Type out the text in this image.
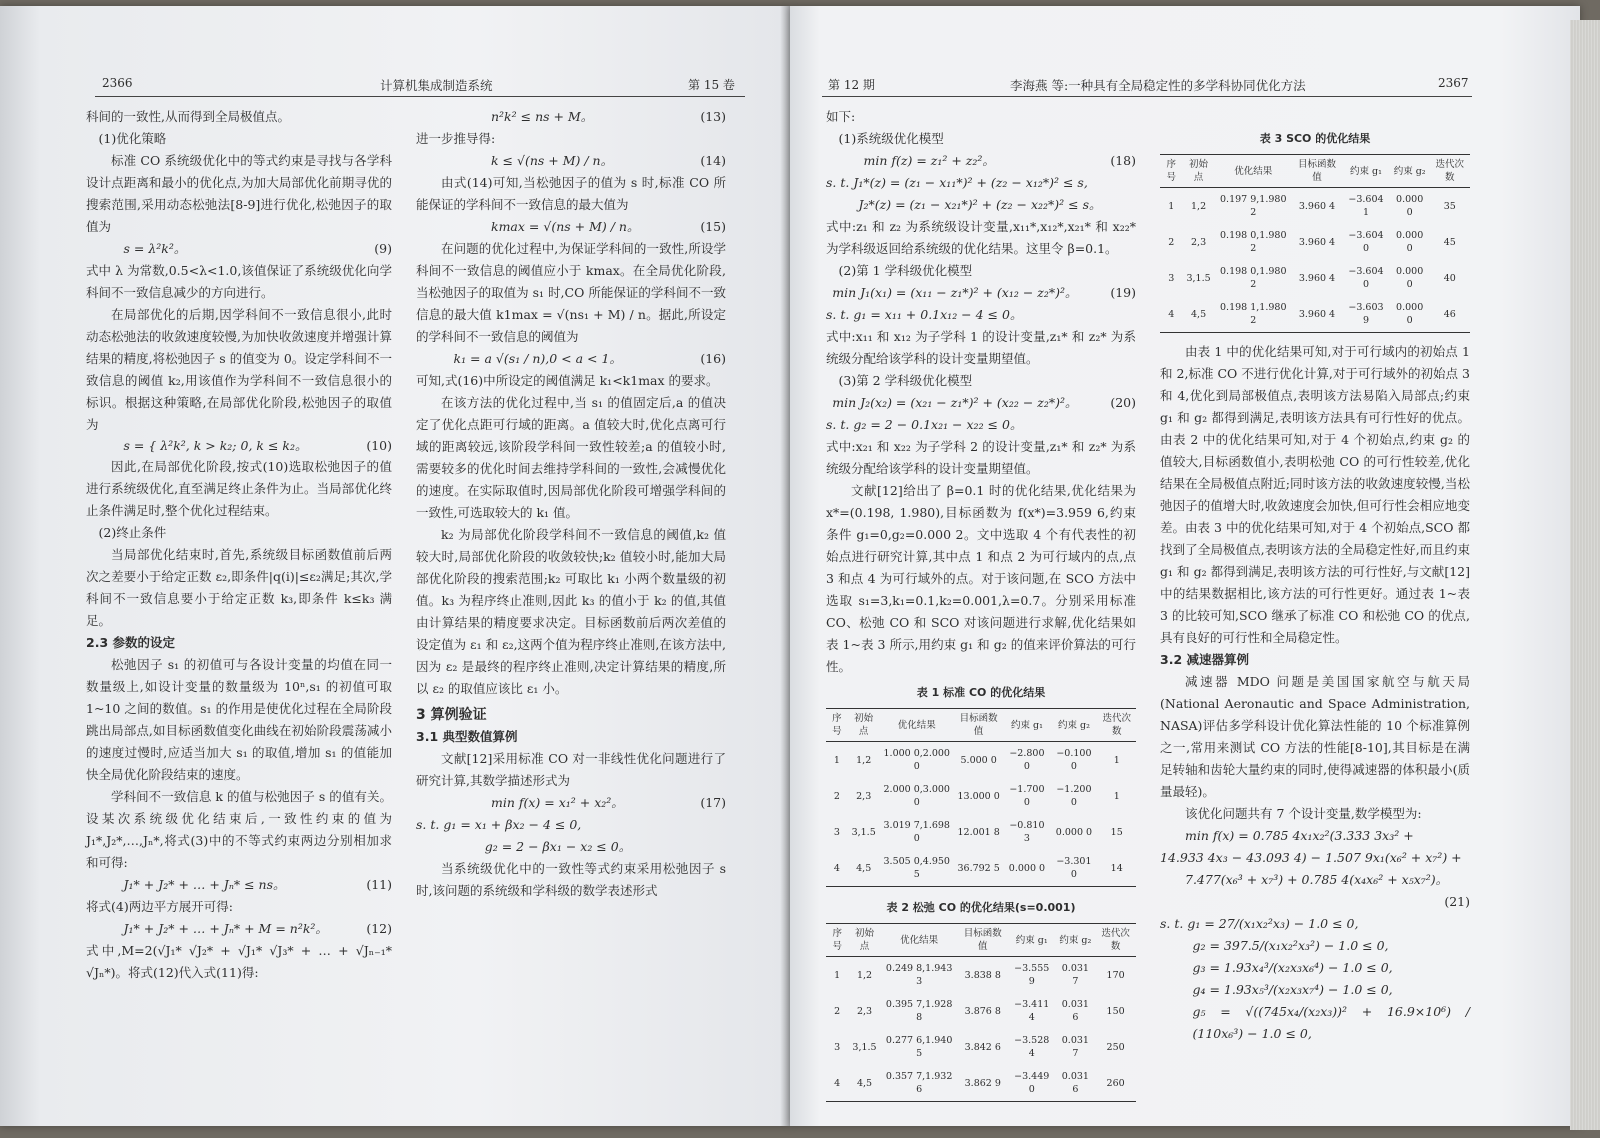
2366	计算机集成制造系统	第 15 卷

科间的一致性,从而得到全局极值点。

(1)优化策略

标准 CO 系统级优化中的等式约束是寻找与各学科设计点距离和最小的优化点,为加大局部优化前期寻优的搜索范围,采用动态松弛法[8-9]进行优化,松弛因子的取值为

s = λ²k²。	(9)

式中 λ 为常数,0.5<λ<1.0,该值保证了系统级优化向学科间不一致信息减少的方向进行。

在局部优化的后期,因学科间不一致信息很小,此时动态松弛法的收敛速度较慢,为加快收敛速度并增强计算结果的精度,将松弛因子 s 的值变为 0。设定学科间不一致信息的阈值 k₂,用该值作为学科间不一致信息很小的标识。根据这种策略,在局部优化阶段,松弛因子的取值为

s = { λ²k², k > k₂; 0, k ≤ k₂。	(10)

因此,在局部优化阶段,按式(10)选取松弛因子的值进行系统级优化,直至满足终止条件为止。当局部优化终止条件满足时,整个优化过程结束。

(2)终止条件

当局部优化结束时,首先,系统级目标函数值前后两次之差要小于给定正数 ε₂,即条件|q(i)|≤ε₂满足;其次,学科间不一致信息要小于给定正数 k₃,即条件 k≤k₃ 满足。

2.3 参数的设定

松弛因子 s₁ 的初值可与各设计变量的均值在同一数量级上,如设计变量的数量级为 10ⁿ,s₁ 的初值可取 1~10 之间的数值。s₁ 的作用是使优化过程在全局阶段跳出局部点,如目标函数值变化曲线在初始阶段震荡减小的速度过慢时,应适当加大 s₁ 的取值,增加 s₁ 的值能加快全局优化阶段结束的速度。

学科间不一致信息 k 的值与松弛因子 s 的值有关。设某次系统级优化结束后,一致性约束的值为 J₁*,J₂*,…,Jₙ*,将式(3)中的不等式约束两边分别相加求和可得:

J₁* + J₂* + … + Jₙ* ≤ ns。	(11)

将式(4)两边平方展开可得:

J₁* + J₂* + … + Jₙ* + M = n²k²。	(12)

式中,M=2(√J₁* √J₂* + √J₁* √J₃* + … + √Jₙ₋₁* √Jₙ*)。将式(12)代入式(11)得:

n²k² ≤ ns + M。	(13)

进一步推导得:

k ≤ √(ns + M) / n。	(14)

由式(14)可知,当松弛因子的值为 s 时,标准 CO 所能保证的学科间不一致信息的最大值为

kmax = √(ns + M) / n。	(15)

在问题的优化过程中,为保证学科间的一致性,所设学科间不一致信息的阈值应小于 kmax。在全局优化阶段,当松弛因子的取值为 s₁ 时,CO 所能保证的学科间不一致信息的最大值 k1max = √(ns₁ + M) / n。据此,所设定的学科间不一致信息的阈值为

k₁ = a √(s₁ / n),0 < a < 1。	(16)

可知,式(16)中所设定的阈值满足 k₁<k1max 的要求。

在该方法的优化过程中,当 s₁ 的值固定后,a 的值决定了优化点距可行域的距离。a 值较大时,优化点离可行域的距离较远,该阶段学科间一致性较差;a 的值较小时,需要较多的优化时间去维持学科间的一致性,会减慢优化的速度。在实际取值时,因局部优化阶段可增强学科间的一致性,可选取较大的 k₁ 值。

k₂ 为局部优化阶段学科间不一致信息的阈值,k₂ 值较大时,局部优化阶段的收敛较快;k₂ 值较小时,能加大局部优化阶段的搜索范围;k₂ 可取比 k₁ 小两个数量级的初值。k₃ 为程序终止准则,因此 k₃ 的值小于 k₂ 的值,其值由计算结果的精度要求决定。目标函数前后两次差值的设定值为 ε₁ 和 ε₂,这两个值为程序终止准则,在该方法中,因为 ε₂ 是最终的程序终止准则,决定计算结果的精度,所以 ε₂ 的取值应该比 ε₁ 小。

3 算例验证

3.1 典型数值算例

文献[12]采用标准 CO 对一非线性优化问题进行了研究计算,其数学描述形式为

min f(x) = x₁² + x₂²。	(17)

s. t. g₁ = x₁ + βx₂ − 4 ≤ 0,

g₂ = 2 − βx₁ − x₂ ≤ 0。

当系统级优化中的一致性等式约束采用松弛因子 s 时,该问题的系统级和学科级的数学表述形式

第 12 期	李海燕 等:一种具有全局稳定性的多学科协同优化方法	2367

如下:

(1)系统级优化模型

min f(z) = z₁² + z₂²。	(18)

s. t. J₁*(z) = (z₁ − x₁₁*)² + (z₂ − x₁₂*)² ≤ s,

J₂*(z) = (z₁ − x₂₁*)² + (z₂ − x₂₂*)² ≤ s。

式中:z₁ 和 z₂ 为系统级设计变量,x₁₁*,x₁₂*,x₂₁* 和 x₂₂* 为学科级返回给系统级的优化结果。这里令 β=0.1。

(2)第 1 学科级优化模型

min J₁(x₁) = (x₁₁ − z₁*)² + (x₁₂ − z₂*)²。	(19)

s. t. g₁ = x₁₁ + 0.1x₁₂ − 4 ≤ 0。

式中:x₁₁ 和 x₁₂ 为子学科 1 的设计变量,z₁* 和 z₂* 为系统级分配给该学科的设计变量期望值。

(3)第 2 学科级优化模型

min J₂(x₂) = (x₂₁ − z₁*)² + (x₂₂ − z₂*)²。	(20)

s. t. g₂ = 2 − 0.1x₂₁ − x₂₂ ≤ 0。

式中:x₂₁ 和 x₂₂ 为子学科 2 的设计变量,z₁* 和 z₂* 为系统级分配给该学科的设计变量期望值。

文献[12]给出了 β=0.1 时的优化结果,优化结果为 x*=(0.198, 1.980),目标函数为 f(x*)=3.959 6,约束条件 g₁=0,g₂=0.000 2。文中选取 4 个有代表性的初始点进行研究计算,其中点 1 和点 2 为可行域内的点,点 3 和点 4 为可行域外的点。对于该问题,在 SCO 方法中选取 s₁=3,k₁=0.1,k₂=0.001,λ=0.7。分别采用标准 CO、松弛 CO 和 SCO 对该问题进行求解,优化结果如表 1~表 3 所示,用约束 g₁ 和 g₂ 的值来评价算法的可行性。

表 1 标准 CO 的优化结果
序号	初始点	优化结果	目标函数值	约束 g₁	约束 g₂	迭代次数
1	1,2	1.000 0,2.000 0	5.000 0	−2.800 0	−0.100 0	1
2	2,3	2.000 0,3.000 0	13.000 0	−1.700 0	−1.200 0	1
3	3,1.5	3.019 7,1.698 0	12.001 8	−0.810 3	0.000 0	15
4	4,5	3.505 0,4.950 5	36.792 5	0.000 0	−3.301 0	14
表 2 松弛 CO 的优化结果(s=0.001)
序号	初始点	优化结果	目标函数值	约束 g₁	约束 g₂	迭代次数
1	1,2	0.249 8,1.943 3	3.838 8	−3.555 9	0.031 7	170
2	2,3	0.395 7,1.928 8	3.876 8	−3.411 4	0.031 6	150
3	3,1.5	0.277 6,1.940 5	3.842 6	−3.528 4	0.031 7	250
4	4,5	0.357 7,1.932 6	3.862 9	−3.449 0	0.031 6	260
表 3 SCO 的优化结果
序号	初始点	优化结果	目标函数值	约束 g₁	约束 g₂	迭代次数
1	1,2	0.197 9,1.980 2	3.960 4	−3.604 1	0.000 0	35
2	2,3	0.198 0,1.980 2	3.960 4	−3.604 0	0.000 0	45
3	3,1.5	0.198 0,1.980 2	3.960 4	−3.604 0	0.000 0	40
4	4,5	0.198 1,1.980 2	3.960 4	−3.603 9	0.000 0	46

由表 1 中的优化结果可知,对于可行域内的初始点 1 和 2,标准 CO 不进行优化计算,对于可行域外的初始点 3 和 4,优化到局部极值点,表明该方法易陷入局部点;约束 g₁ 和 g₂ 都得到满足,表明该方法具有可行性好的优点。由表 2 中的优化结果可知,对于 4 个初始点,约束 g₂ 的值较大,目标函数值小,表明松弛 CO 的可行性较差,优化结果在全局极值点附近;同时该方法的收敛速度较慢,当松弛因子的值增大时,收敛速度会加快,但可行性会相应地变差。由表 3 中的优化结果可知,对于 4 个初始点,SCO 都找到了全局极值点,表明该方法的全局稳定性好,而且约束 g₁ 和 g₂ 都得到满足,表明该方法的可行性好,与文献[12]中的结果数据相比,该方法的可行性更好。通过表 1~表 3 的比较可知,SCO 继承了标准 CO 和松弛 CO 的优点,具有良好的可行性和全局稳定性。

3.2 减速器算例

减速器 MDO 问题是美国国家航空与航天局(National Aeronautic and Space Administration, NASA)评估多学科设计优化算法性能的 10 个标准算例之一,常用来测试 CO 方法的性能[8-10],其目标是在满足转轴和齿轮大量约束的同时,使得减速器的体积最小(质量最轻)。

该优化问题共有 7 个设计变量,数学模型为:

min f(x) = 0.785 4x₁x₂²(3.333 3x₃² +

14.933 4x₃ − 43.093 4) − 1.507 9x₁(x₆² + x₇²) +

7.477(x₆³ + x₇³) + 0.785 4(x₄x₆² + x₅x₇²)。

(21)

s. t. g₁ = 27/(x₁x₂²x₃) − 1.0 ≤ 0,

g₂ = 397.5/(x₁x₂²x₃²) − 1.0 ≤ 0,

g₃ = 1.93x₄³/(x₂x₃x₆⁴) − 1.0 ≤ 0,

g₄ = 1.93x₅³/(x₂x₃x₇⁴) − 1.0 ≤ 0,

g₅ = √((745x₄/(x₂x₃))² + 16.9×10⁶) / (110x₆³) − 1.0 ≤ 0,
